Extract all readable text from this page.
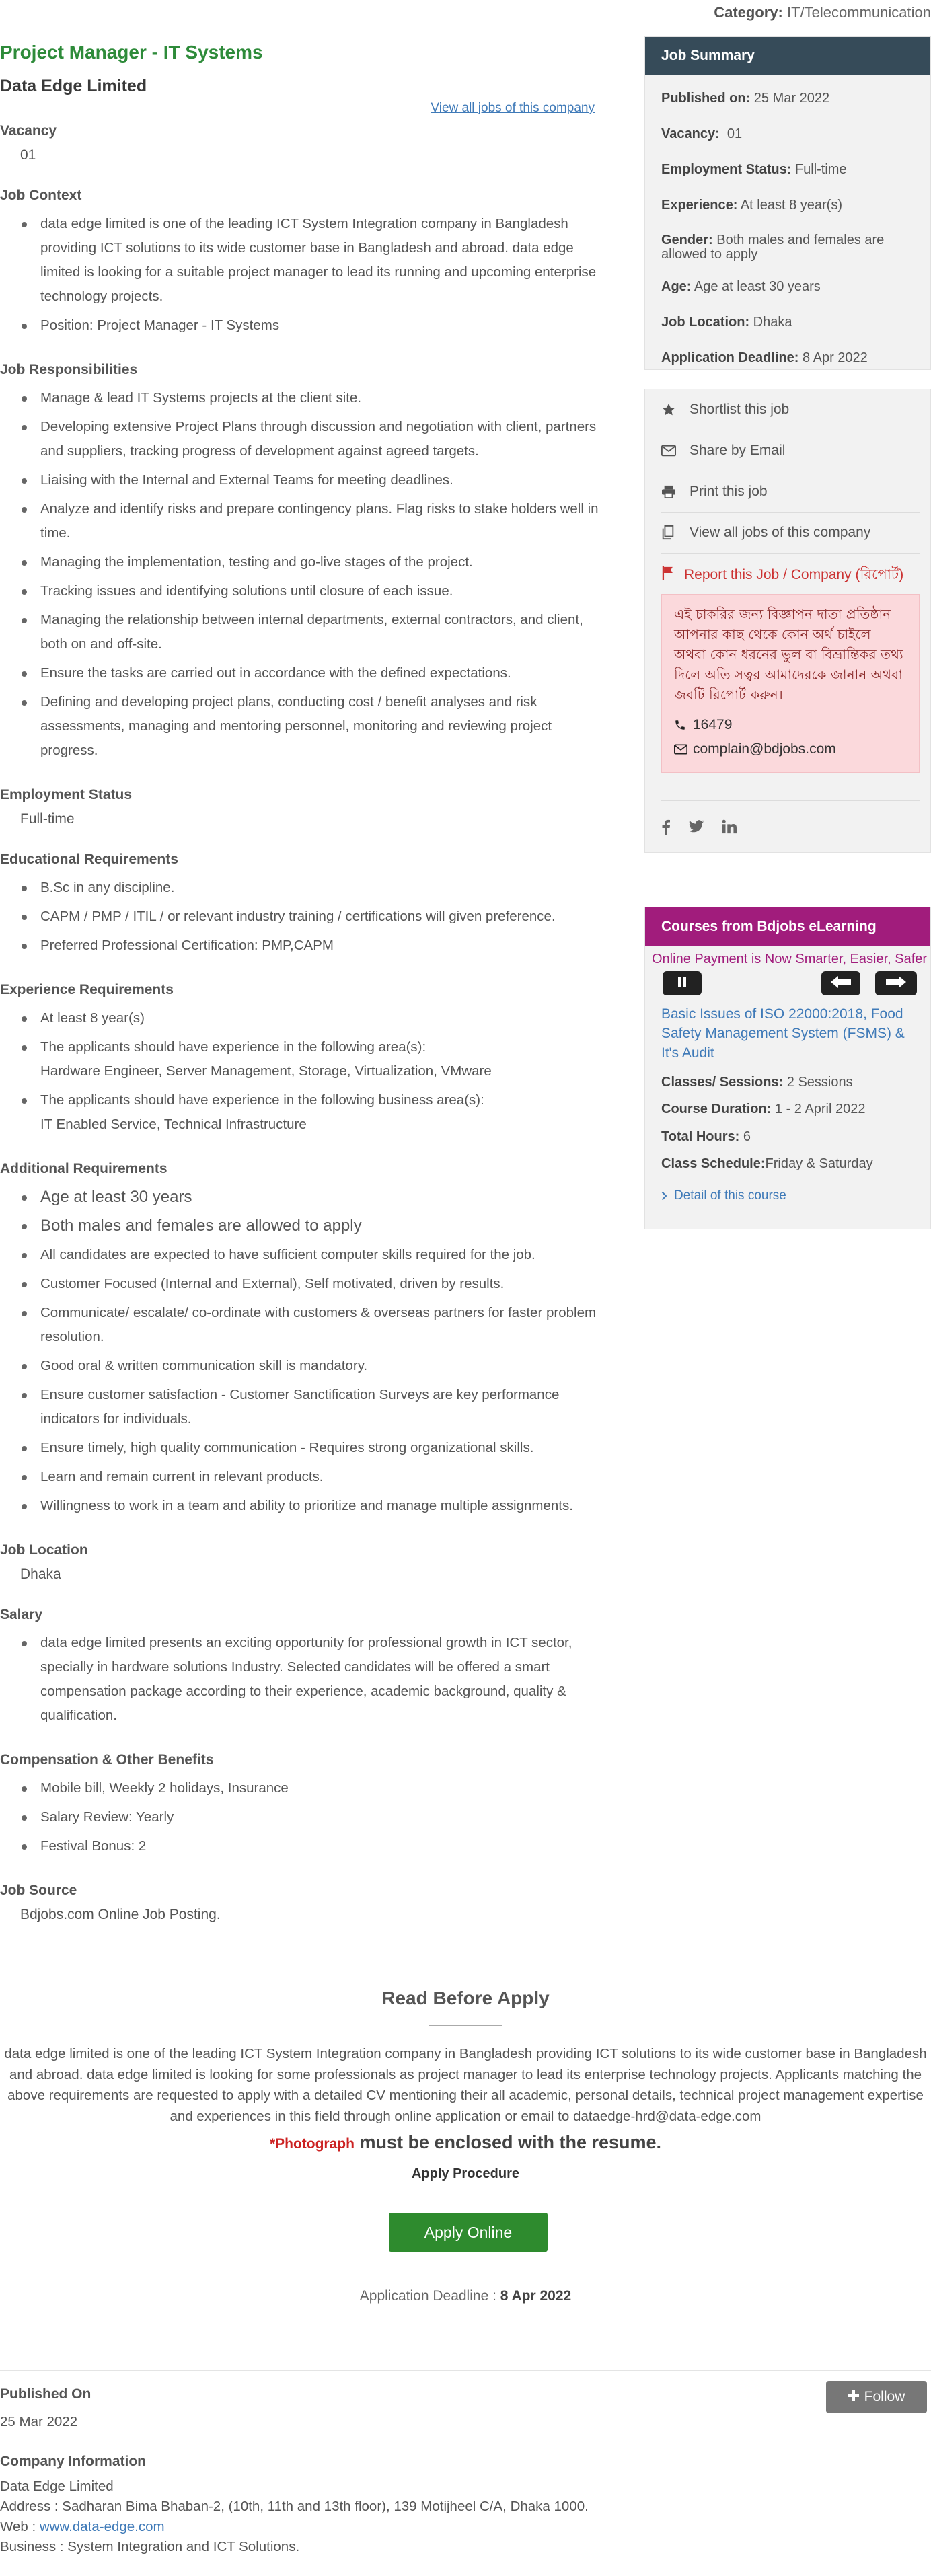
Category: IT/Telecommunication
Project Manager - IT Systems
Data Edge Limited
View all jobs of this company
Vacancy
01
Job Context
data edge limited is one of the leading ICT System Integration company in Bangladesh providing ICT solutions to its wide customer base in Bangladesh and abroad. data edge limited is looking for a suitable project manager to lead its running and upcoming enterprise technology projects.
Position: Project Manager - IT Systems
Job Responsibilities
Manage & lead IT Systems projects at the client site.
Developing extensive Project Plans through discussion and negotiation with client, partners and suppliers, tracking progress of development against agreed targets.
Liaising with the Internal and External Teams for meeting deadlines.
Analyze and identify risks and prepare contingency plans. Flag risks to stake holders well in time.
Managing the implementation, testing and go-live stages of the project.
Tracking issues and identifying solutions until closure of each issue.
Managing the relationship between internal departments, external contractors, and client, both on and off-site.
Ensure the tasks are carried out in accordance with the defined expectations.
Defining and developing project plans, conducting cost / benefit analyses and risk assessments, managing and mentoring personnel, monitoring and reviewing project progress.
Employment Status
Full-time
Educational Requirements
B.Sc in any discipline.
CAPM / PMP / ITIL / or relevant industry training / certifications will given preference.
Preferred Professional Certification: PMP,CAPM
Experience Requirements
At least 8 year(s)
The applicants should have experience in the following area(s):
Hardware Engineer, Server Management, Storage, Virtualization, VMware
The applicants should have experience in the following business area(s):
IT Enabled Service, Technical Infrastructure
Additional Requirements
Age at least 30 years
Both males and females are allowed to apply
All candidates are expected to have sufficient computer skills required for the job.
Customer Focused (Internal and External), Self motivated, driven by results.
Communicate/ escalate/ co-ordinate with customers & overseas partners for faster problem resolution.
Good oral & written communication skill is mandatory.
Ensure customer satisfaction - Customer Sanctification Surveys are key performance indicators for individuals.
Ensure timely, high quality communication - Requires strong organizational skills.
Learn and remain current in relevant products.
Willingness to work in a team and ability to prioritize and manage multiple assignments.
Job Location
Dhaka
Salary
data edge limited presents an exciting opportunity for professional growth in ICT sector, specially in hardware solutions Industry. Selected candidates will be offered a smart compensation package according to their experience, academic background, quality & qualification.
Compensation & Other Benefits
Mobile bill, Weekly 2 holidays, Insurance
Salary Review: Yearly
Festival Bonus: 2
Job Source
Bdjobs.com Online Job Posting.
Job Summary
Published on: 25 Mar 2022
Vacancy: 01
Employment Status: Full-time
Experience: At least 8 year(s)
Gender: Both males and females are allowed to apply
Age: Age at least 30 years
Job Location: Dhaka
Application Deadline: 8 Apr 2022
Shortlist this job
Share by Email
Print this job
View all jobs of this company
Report this Job / Company (রিপোর্ট)
এই চাকরির জন্য বিজ্ঞাপন দাতা প্রতিষ্ঠান আপনার কাছ থেকে কোন অর্থ চাইলে অথবা কোন ধরনের ভুল বা বিভ্রান্তিকর তথ্য দিলে অতি সত্বর আমাদেরকে জানান অথবা জবটি রিপোর্ট করুন।
16479
complain@bdjobs.com
Courses from Bdjobs eLearning
Online Payment is Now Smarter, Easier, Safer
Basic Issues of ISO 22000:2018, Food Safety Management System (FSMS) & It's Audit
Classes/ Sessions: 2 Sessions
Course Duration: 1 - 2 April 2022
Total Hours: 6
Class Schedule:Friday & Saturday
Detail of this course
Read Before Apply
data edge limited is one of the leading ICT System Integration company in Bangladesh providing ICT solutions to its wide customer base in Bangladesh and abroad. data edge limited is looking for some professionals as project manager to lead its enterprise technology projects. Applicants matching the above requirements are requested to apply with a detailed CV mentioning their all academic, personal details, technical project management expertise and experiences in this field through online application or email to dataedge-hrd@data-edge.com
*Photograph must be enclosed with the resume.
Apply Procedure
Apply Online
Application Deadline : 8 Apr 2022
Follow
Published On
25 Mar 2022
Company Information
Data Edge Limited
Address : Sadharan Bima Bhaban-2, (10th, 11th and 13th floor), 139 Motijheel C/A, Dhaka 1000.
Web : www.data-edge.com
Business : System Integration and ICT Solutions.
